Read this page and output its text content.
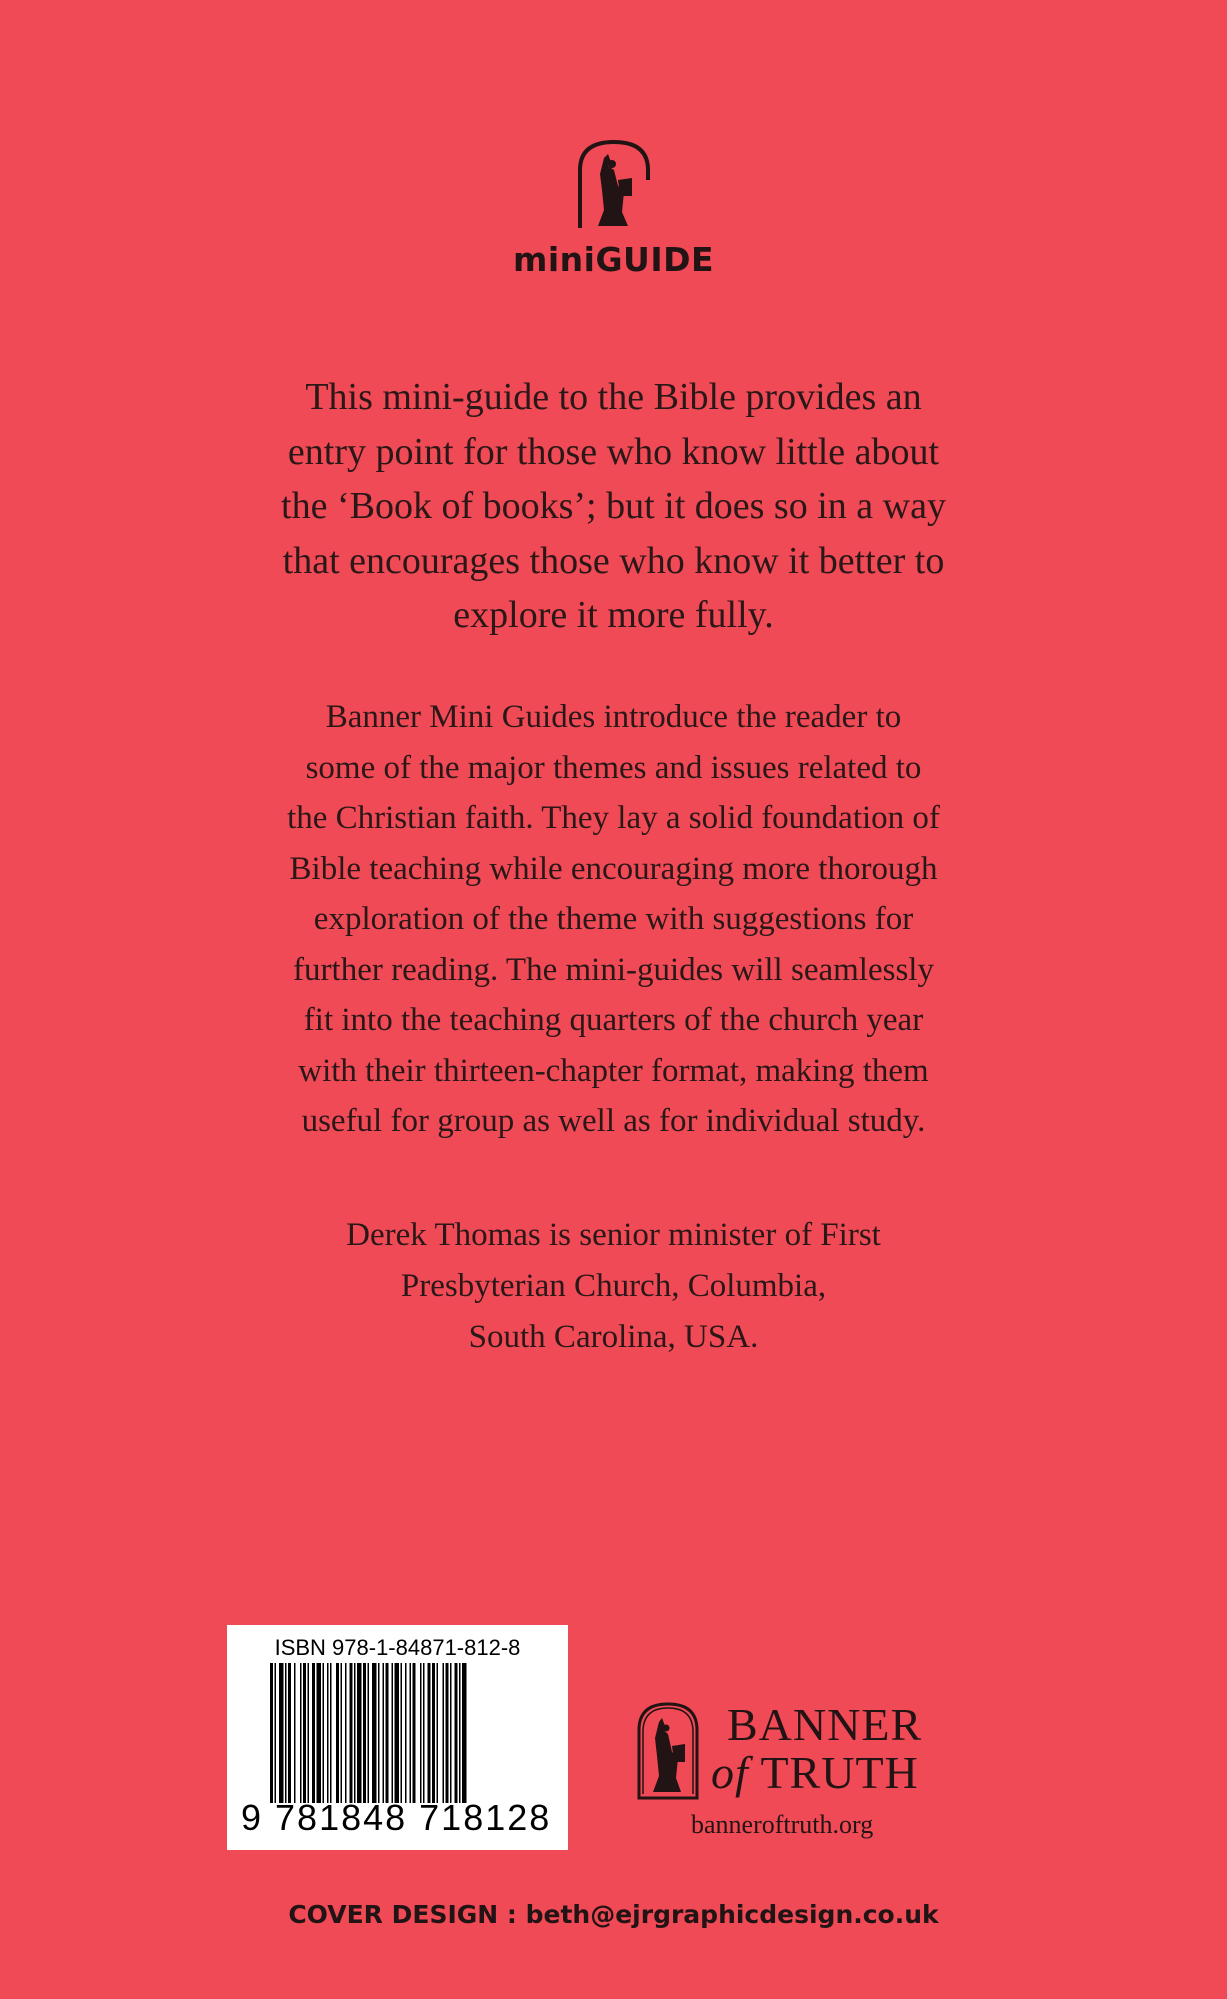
miniGUIDE
This mini-guide to the Bible provides an
entry point for those who know little about
the ‘Book of books’; but it does so in a way
that encourages those who know it better to
explore it more fully.
Banner Mini Guides introduce the reader to
some of the major themes and issues related to
the Christian faith. They lay a solid foundation of
Bible teaching while encouraging more thorough
exploration of the theme with suggestions for
further reading. The mini-guides will seamlessly
fit into the teaching quarters of the church year
with their thirteen-chapter format, making them
useful for group as well as for individual study.
Derek Thomas is senior minister of First
Presbyterian Church, Columbia,
South Carolina, USA.
ISBN 978-1-84871-812-8
9 781848 718128
BANNER
of TRUTH
banneroftruth.org
COVER DESIGN : beth@ejrgraphicdesign.co.uk
